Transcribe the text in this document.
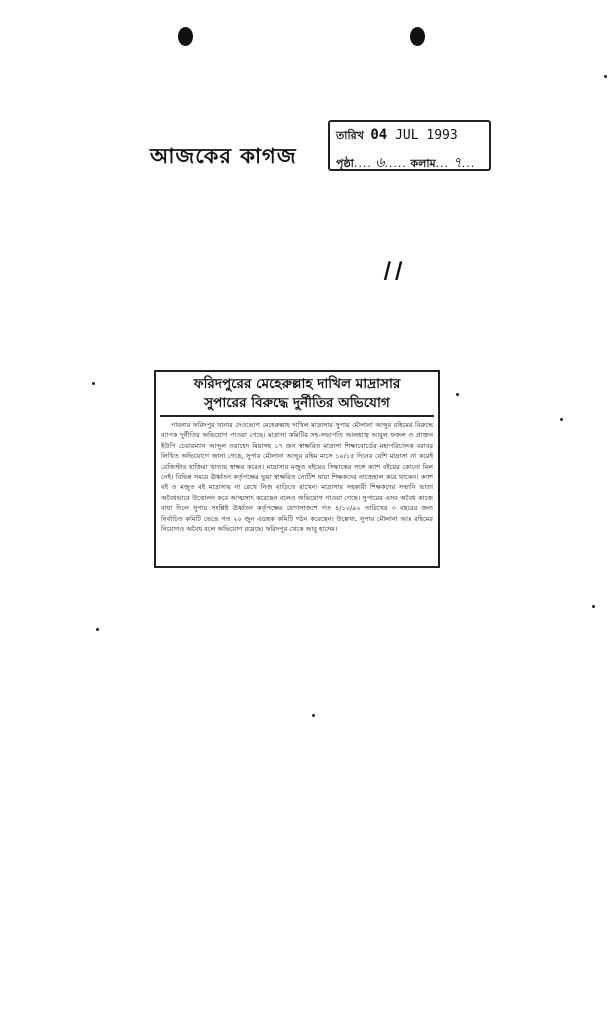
আজকের কাগজ
তারিখ 04 JUL 1993
পৃষ্ঠা.... ৬..... কলাম... ৭...
।।
ফরিদপুরের মেহেরুল্লাহ দাখিল মাদ্রাসার
সুপারের বিরুদ্ধে দুর্নীতির অভিযোগ
পাবনার ফরিদপুর থানার দেওভোগ মেহেরুল্লাহ দাখিল মাদ্রাসার সুপার মৌলানা আব্দুর রহিমের বিরুদ্ধে ব্যাপক দুর্নীতির অভিযোগ পাওয়া গেছে। মাদ্রাসা কমিটির সহ-সভাপতি আলহাজ্ব আবুল ফজল ও প্রাক্তন ইউপি চেয়ারম্যান আব্দুল ওয়াহেদ মিয়াসহ ১৭ জন স্বাক্ষরিত মাদ্রাসা শিক্ষাবোর্ডের মহাপরিচালক বরাবর লিখিত অভিযোগে জানা গেছে, সুপার মৌলানা আব্দুর রহিম মাসে ১০/১৫ দিনের বেশি মাদ্রাসা না করেই রেজিস্টার হাজিরা খাতায় স্বাক্ষর করেন। মাদ্রাসার মজুত বইয়ের সিদ্ধান্তের সঙ্গে ক্যাশ বইয়ের কোনো মিল নেই। বিভিন্ন সময়ে ঊর্ধ্বতন কর্তৃপক্ষের ভুয়া স্বাক্ষরিত নোটিশ দ্বারা শিক্ষকদের নাজেহাল করে থাকেন। ক্যাশ বই ও মজুত বই মাদ্রাসায় না রেখে নিজ বাড়িতে রাখেন। মাদ্রাসার সহকারী শিক্ষকদের সম্মানি ভাতা অবৈধভাবে উত্তোলন করে আত্মসাৎ করেছেন বলেও অভিযোগ পাওয়া গেছে। সুপারের এসব অবৈধ কাজে বাধা দিলে সুপার সংশ্লিষ্ট ঊর্ধ্বতন কর্তৃপক্ষের যোগসাজশে গত ৪/১০/৯২ তারিখের ৩ বছরের জন্য নির্বাচিত কমিটি ভেঙে গত ২০ জুন এডহক কমিটি গঠন করেছেন। উল্লেখ্য, সুপার মৌলানা আঃ রহিমের নিয়োগও অবৈধ বলে অভিযোগ রয়েছে। ফরিদপুর থেকে আবু হাসেম।
